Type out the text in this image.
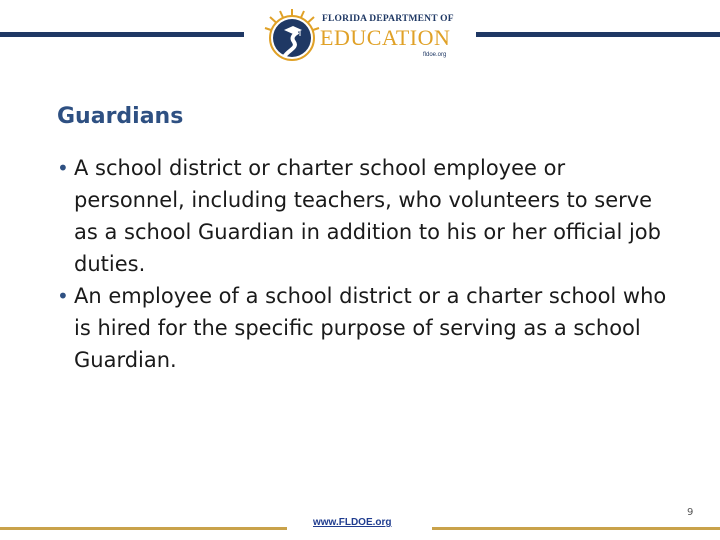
FLORIDA DEPARTMENT OF
EDUCATION
fldoe.org
Guardians
• A school district or charter school employee or personnel, including teachers, who volunteers to serve as a school Guardian in addition to his or her official job duties.
• An employee of a school district or a charter school who is hired for the specific purpose of serving as a school Guardian.
www.FLDOE.org
9
